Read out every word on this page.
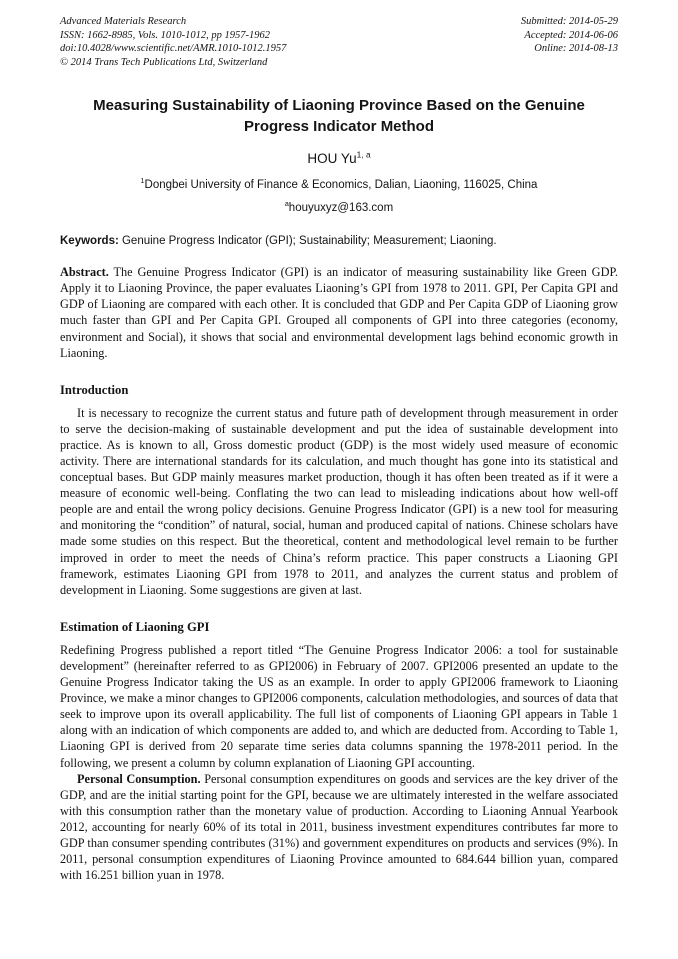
Advanced Materials Research
ISSN: 1662-8985, Vols. 1010-1012, pp 1957-1962
doi:10.4028/www.scientific.net/AMR.1010-1012.1957
© 2014 Trans Tech Publications Ltd, Switzerland
Submitted: 2014-05-29
Accepted: 2014-06-06
Online: 2014-08-13
Measuring Sustainability of Liaoning Province Based on the Genuine Progress Indicator Method
HOU Yu$^{1, a}$
$^1$Dongbei University of Finance & Economics, Dalian, Liaoning, 116025, China
$^a$houyuxyz@163.com
Keywords: Genuine Progress Indicator (GPI); Sustainability; Measurement; Liaoning.

Abstract. The Genuine Progress Indicator (GPI) is an indicator of measuring sustainability like Green GDP. Apply it to Liaoning Province, the paper evaluates Liaoning’s GPI from 1978 to 2011. GPI, Per Capita GPI and GDP of Liaoning are compared with each other. It is concluded that GDP and Per Capita GDP of Liaoning grow much faster than GPI and Per Capita GPI. Grouped all components of GPI into three categories (economy, environment and Social), it shows that social and environmental development lags behind economic growth in Liaoning.

Introduction

It is necessary to recognize the current status and future path of development through measurement in order to serve the decision-making of sustainable development and put the idea of sustainable development into practice. As is known to all, Gross domestic product (GDP) is the most widely used measure of economic activity. There are international standards for its calculation, and much thought has gone into its statistical and conceptual bases. But GDP mainly measures market production, though it has often been treated as if it were a measure of economic well-being. Conflating the two can lead to misleading indications about how well-off people are and entail the wrong policy decisions. Genuine Progress Indicator (GPI) is a new tool for measuring and monitoring the “condition” of natural, social, human and produced capital of nations. Chinese scholars have made some studies on this respect. But the theoretical, content and methodological level remain to be further improved in order to meet the needs of China’s reform practice. This paper constructs a Liaoning GPI framework, estimates Liaoning GPI from 1978 to 2011, and analyzes the current status and problem of development in Liaoning. Some suggestions are given at last.

Estimation of Liaoning GPI

Redefining Progress published a report titled “The Genuine Progress Indicator 2006: a tool for sustainable development” (hereinafter referred to as GPI2006) in February of 2007. GPI2006 presented an update to the Genuine Progress Indicator taking the US as an example. In order to apply GPI2006 framework to Liaoning Province, we make a minor changes to GPI2006 components, calculation methodologies, and sources of data that seek to improve upon its overall applicability. The full list of components of Liaoning GPI appears in Table 1 along with an indication of which components are added to, and which are deducted from. According to Table 1, Liaoning GPI is derived from 20 separate time series data columns spanning the 1978-2011 period. In the following, we present a column by column explanation of Liaoning GPI accounting.

Personal Consumption. Personal consumption expenditures on goods and services are the key driver of the GDP, and are the initial starting point for the GPI, because we are ultimately interested in the welfare associated with this consumption rather than the monetary value of production. According to Liaoning Annual Yearbook 2012, accounting for nearly 60% of its total in 2011, business investment expenditures contributes far more to GDP than consumer spending contributes (31%) and government expenditures on products and services (9%). In 2011, personal consumption expenditures of Liaoning Province amounted to 684.644 billion yuan, compared with 16.251 billion yuan in 1978.
